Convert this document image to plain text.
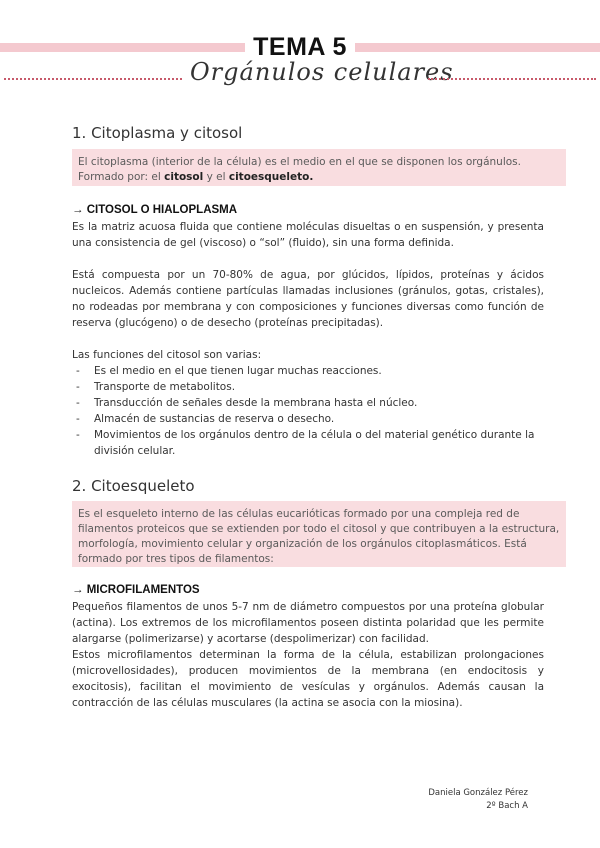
TEMA 5
Orgánulos celulares
1. Citoplasma y citosol
El citoplasma (interior de la célula) es el medio en el que se disponen los orgánulos. Formado por: el citosol y el citoesqueleto.
→ CITOSOL O HIALOPLASMA
Es la matriz acuosa fluida que contiene moléculas disueltas o en suspensión, y presenta una consistencia de gel (viscoso) o “sol” (fluido), sin una forma definida.
Está compuesta por un 70-80% de agua, por glúcidos, lípidos, proteínas y ácidos nucleicos. Además contiene partículas llamadas inclusiones (gránulos, gotas, cristales), no rodeadas por membrana y con composiciones y funciones diversas como función de reserva (glucógeno) o de desecho (proteínas precipitadas).
Las funciones del citosol son varias:
- Es el medio en el que tienen lugar muchas reacciones.
- Transporte de metabolitos.
- Transducción de señales desde la membrana hasta el núcleo.
- Almacén de sustancias de reserva o desecho.
- Movimientos de los orgánulos dentro de la célula o del material genético durante la división celular.
2. Citoesqueleto
Es el esqueleto interno de las células eucarióticas formado por una compleja red de filamentos proteicos que se extienden por todo el citosol y que contribuyen a la estructura, morfología, movimiento celular y organización de los orgánulos citoplasmáticos. Está formado por tres tipos de filamentos:
→ MICROFILAMENTOS
Pequeños filamentos de unos 5-7 nm de diámetro compuestos por una proteína globular (actina). Los extremos de los microfilamentos poseen distinta polaridad que les permite alargarse (polimerizarse) y acortarse (despolimerizar) con facilidad.
Estos microfilamentos determinan la forma de la célula, estabilizan prolongaciones (microvellosidades), producen movimientos de la membrana (en endocitosis y exocitosis), facilitan el movimiento de vesículas y orgánulos. Además causan la contracción de las células musculares (la actina se asocia con la miosina).
Daniela González Pérez
2º Bach A
